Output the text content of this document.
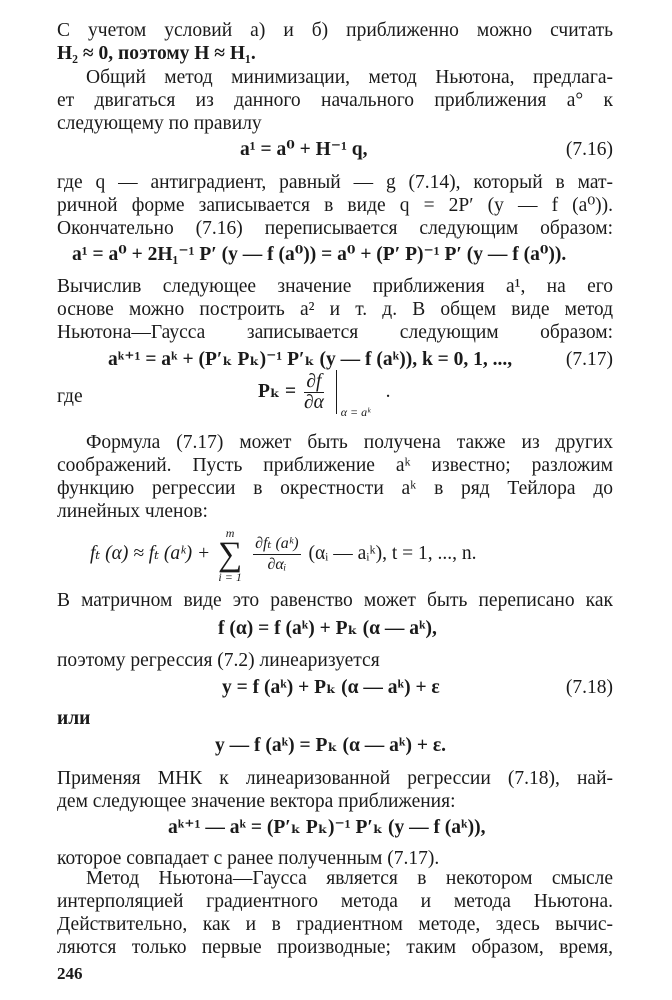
С учетом условий а) и б) приближенно можно считать
H₂ ≈ 0, поэтому H ≈ H₁.
Общий метод минимизации, метод Ньютона, предлага-
ет двигаться из данного начального приближения a° к
следующему по правилу
a¹ = a⁰ + H⁻¹ q,	(7.16)
где q — антиградиент, равный — g (7.14), который в мат-
ричной форме записывается в виде q = 2P′ (y — f (a⁰)).
Окончательно (7.16) переписывается следующим образом:
a¹ = a⁰ + 2H₁⁻¹ P′ (y — f (a⁰)) = a⁰ + (P′ P)⁻¹ P′ (y — f (a⁰)).
Вычислив следующее значение приближения a¹, на его
основе можно построить a² и т. д. В общем виде метод
Ньютона—Гаусса записывается следующим образом:
aᵏ⁺¹ = aᵏ + (P′ₖ Pₖ)⁻¹ P′ₖ (y — f (aᵏ)), k = 0, 1, ...,	(7.17)
где	$P_k = \frac{\partial f}{\partial\alpha}$
α = aᵏ
.
Формула (7.17) может быть получена также из других
соображений. Пусть приближение aᵏ известно; разложим
функцию регрессии в окрестности aᵏ в ряд Тейлора до
линейных членов:
fₜ (α) ≈ fₜ (aᵏ) +
m
∑
i = 1

$\frac{\text{∂fₜ (aᵏ)}}{\text{∂αᵢ}}$ (αᵢ — aᵢᵏ), t = 1, ..., n.
В матричном виде это равенство может быть переписано как
f (α) = f (aᵏ) + Pₖ (α — aᵏ),
поэтому регрессия (7.2) линеаризуется
y = f (aᵏ) + Pₖ (α — aᵏ) + ε	(7.18)
или
y — f (aᵏ) = Pₖ (α — aᵏ) + ε.
Применяя МНК к линеаризованной регрессии (7.18), най-
дем следующее значение вектора приближения:
aᵏ⁺¹ — aᵏ = (P′ₖ Pₖ)⁻¹ P′ₖ (y — f (aᵏ)),
которое совпадает с ранее полученным (7.17).
Метод Ньютона—Гаусса является в некотором смысле
интерполяцией градиентного метода и метода Ньютона.
Действительно, как и в градиентном методе, здесь вычис-
ляются только первые производные; таким образом, время,
246
